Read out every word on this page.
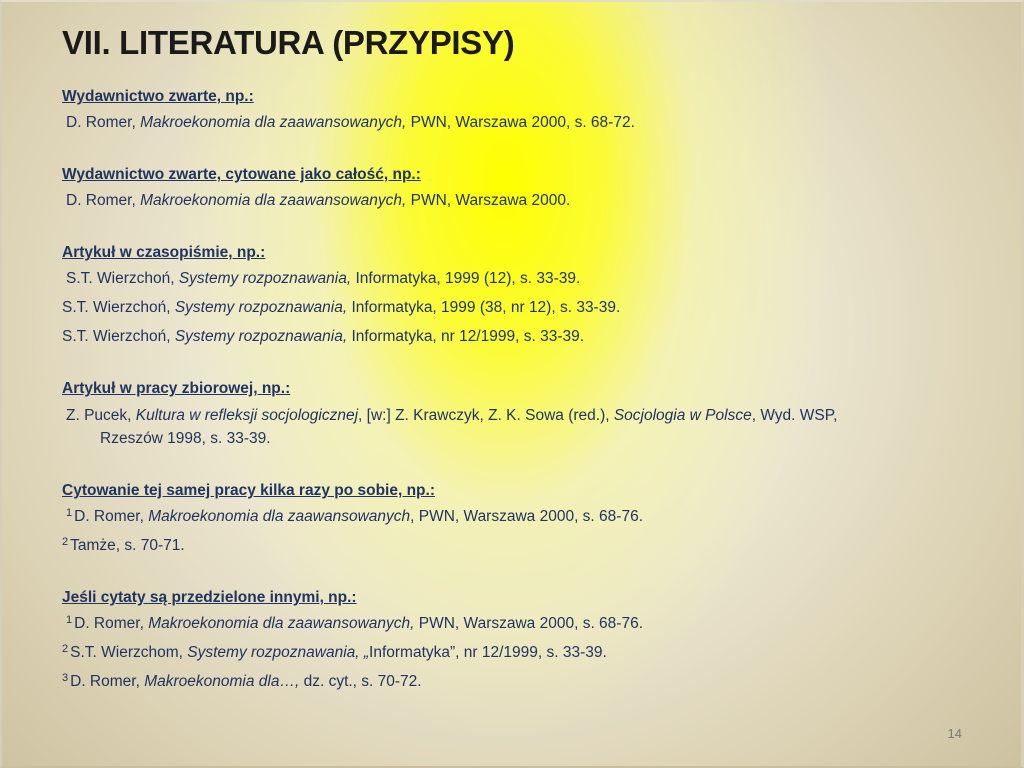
VII. LITERATURA (PRZYPISY)
Wydawnictwo zwarte, np.:
D. Romer, Makroekonomia dla zaawansowanych, PWN, Warszawa 2000, s. 68-72.
Wydawnictwo zwarte, cytowane jako całość, np.:
D. Romer, Makroekonomia dla zaawansowanych, PWN, Warszawa 2000.
Artykuł w czasopiśmie, np.:
S.T. Wierzchoń, Systemy rozpoznawania, Informatyka, 1999 (12), s. 33-39.
S.T. Wierzchoń, Systemy rozpoznawania, Informatyka, 1999 (38, nr 12), s. 33-39.
S.T. Wierzchoń, Systemy rozpoznawania, Informatyka, nr 12/1999, s. 33-39.
Artykuł w pracy zbiorowej, np.:
Z. Pucek, Kultura w refleksji socjologicznej, [w:] Z. Krawczyk, Z. K. Sowa (red.), Socjologia w Polsce, Wyd. WSP,
Rzeszów 1998, s. 33-39.
Cytowanie tej samej pracy kilka razy po sobie, np.:
$^1$ D. Romer, Makroekonomia dla zaawansowanych, PWN, Warszawa 2000, s. 68-76.
$^2$ Tamże, s. 70-71.
Jeśli cytaty są przedzielone innymi, np.:
$^1$ D. Romer, Makroekonomia dla zaawansowanych, PWN, Warszawa 2000, s. 68-76.
$^2$ S.T. Wierzchom, Systemy rozpoznawania, „Informatyka”, nr 12/1999, s. 33-39.
$^3$ D. Romer, Makroekonomia dla…, dz. cyt., s. 70-72.
14
